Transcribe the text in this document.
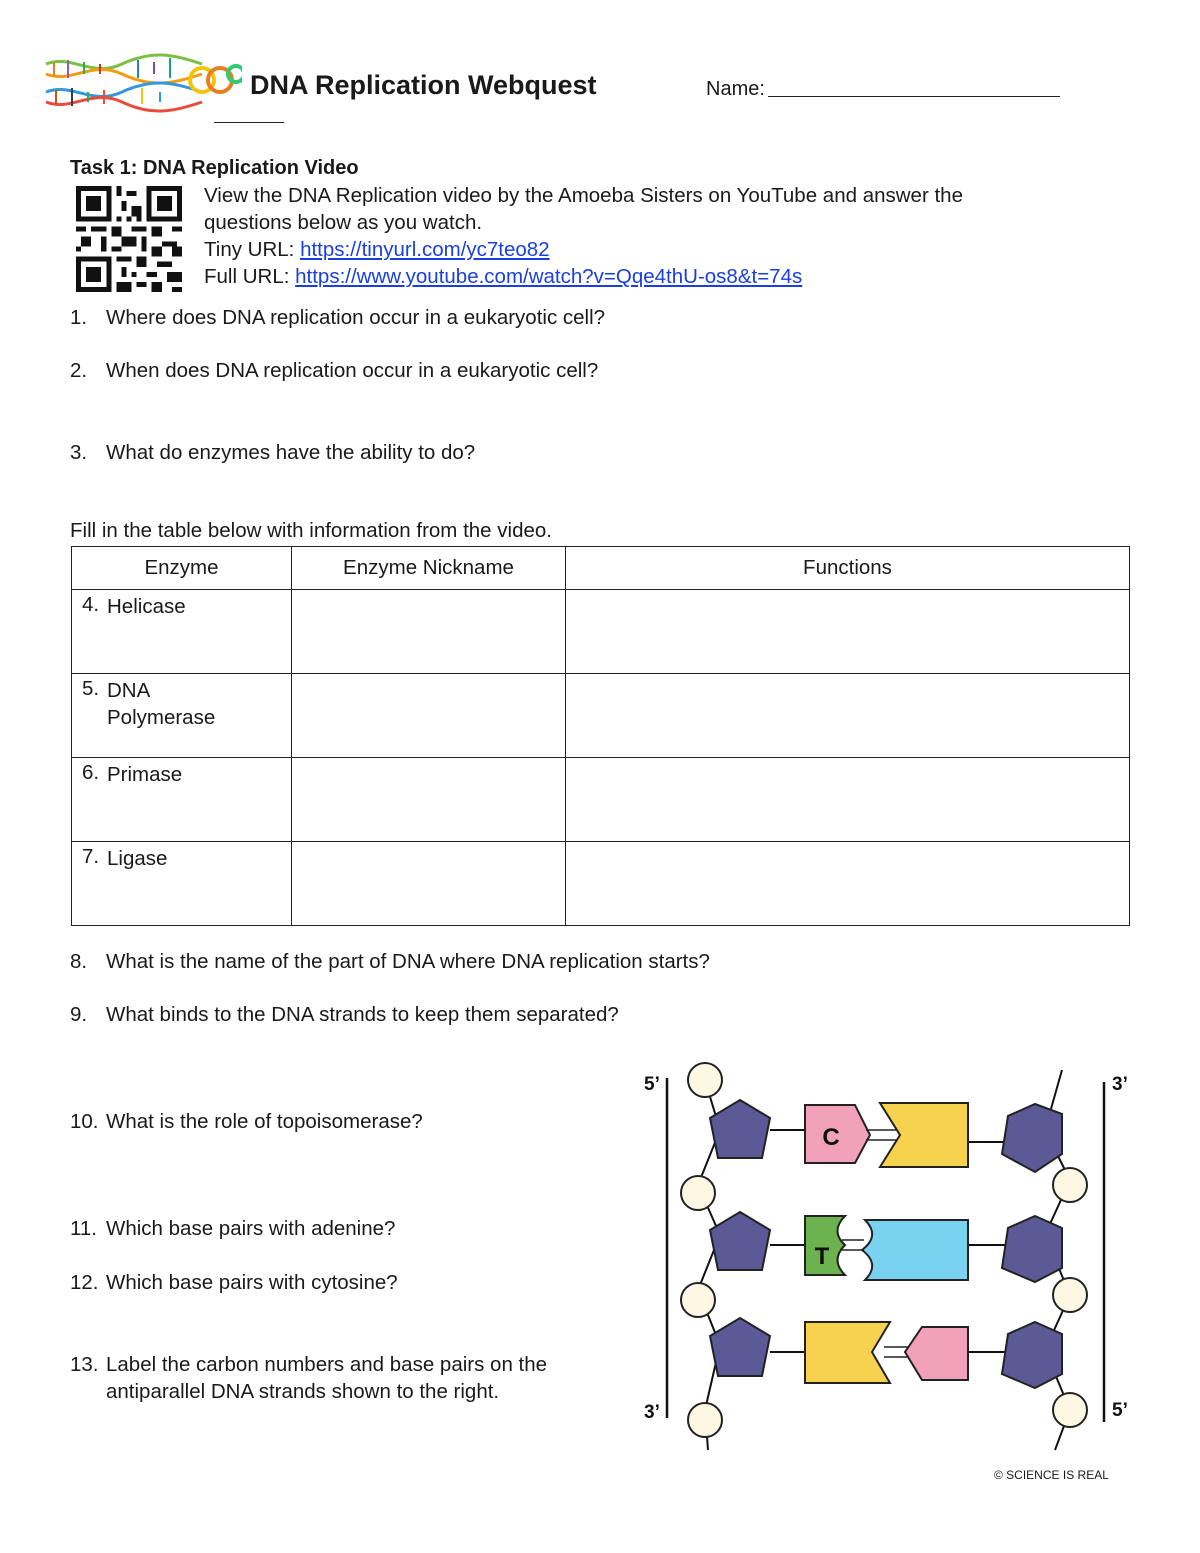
DNA Replication Webquest	Name:
Task 1: DNA Replication Video
View the DNA Replication video by the Amoeba Sisters on YouTube and answer the
questions below as you watch.
Tiny URL: https://tinyurl.com/yc7teo82
Full URL: https://www.youtube.com/watch?v=Qqe4thU-os8&t=74s
1. Where does DNA replication occur in a eukaryotic cell?
2. When does DNA replication occur in a eukaryotic cell?
3. What do enzymes have the ability to do?
Fill in the table below with information from the video.
Enzyme	Enzyme Nickname	Functions
4. Helicase		
5. DNA Polymerase		
6. Primase		
7. Ligase		
8. What is the name of the part of DNA where DNA replication starts?
9. What binds to the DNA strands to keep them separated?
10. What is the role of topoisomerase?
11. Which base pairs with adenine?
12. Which base pairs with cytosine?
13. Label the carbon numbers and base pairs on the
antiparallel DNA strands shown to the right.
C
T
5’
3’
3’
5’
© SCIENCE IS REAL
